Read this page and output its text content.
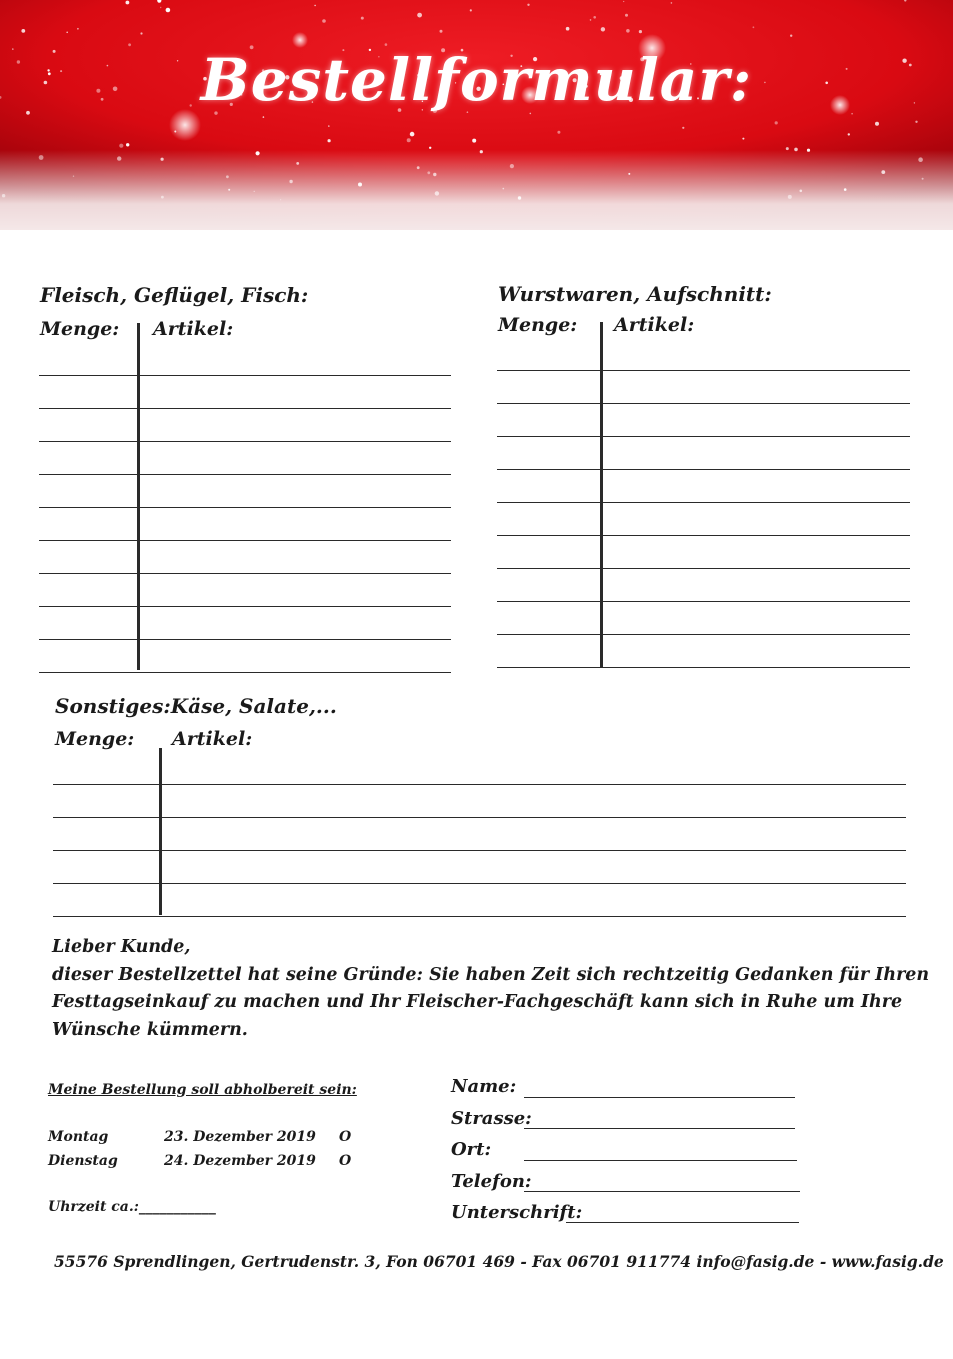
Bestellformular:
Fleisch, Geflügel, Fisch:
Menge: Artikel:
Wurstwaren, Aufschnitt:
Menge: Artikel:
Sonstiges:Käse, Salate,...
Menge: Artikel:
Lieber Kunde,
dieser Bestellzettel hat seine Gründe: Sie haben Zeit sich rechtzeitig Gedanken für Ihren
Festtagseinkauf zu machen und Ihr Fleischer-Fachgeschäft kann sich in Ruhe um Ihre
Wünsche kümmern.
Meine Bestellung soll abholbereit sein:
Montag	23. Dezember 2019 O
Dienstag	24. Dezember 2019 O
Uhrzeit ca.:___________
Name:
Strasse:
Ort:
Telefon:
Unterschrift:
55576 Sprendlingen, Gertrudenstr. 3, Fon 06701 469 - Fax 06701 911774 info@fasig.de - www.fasig.de
